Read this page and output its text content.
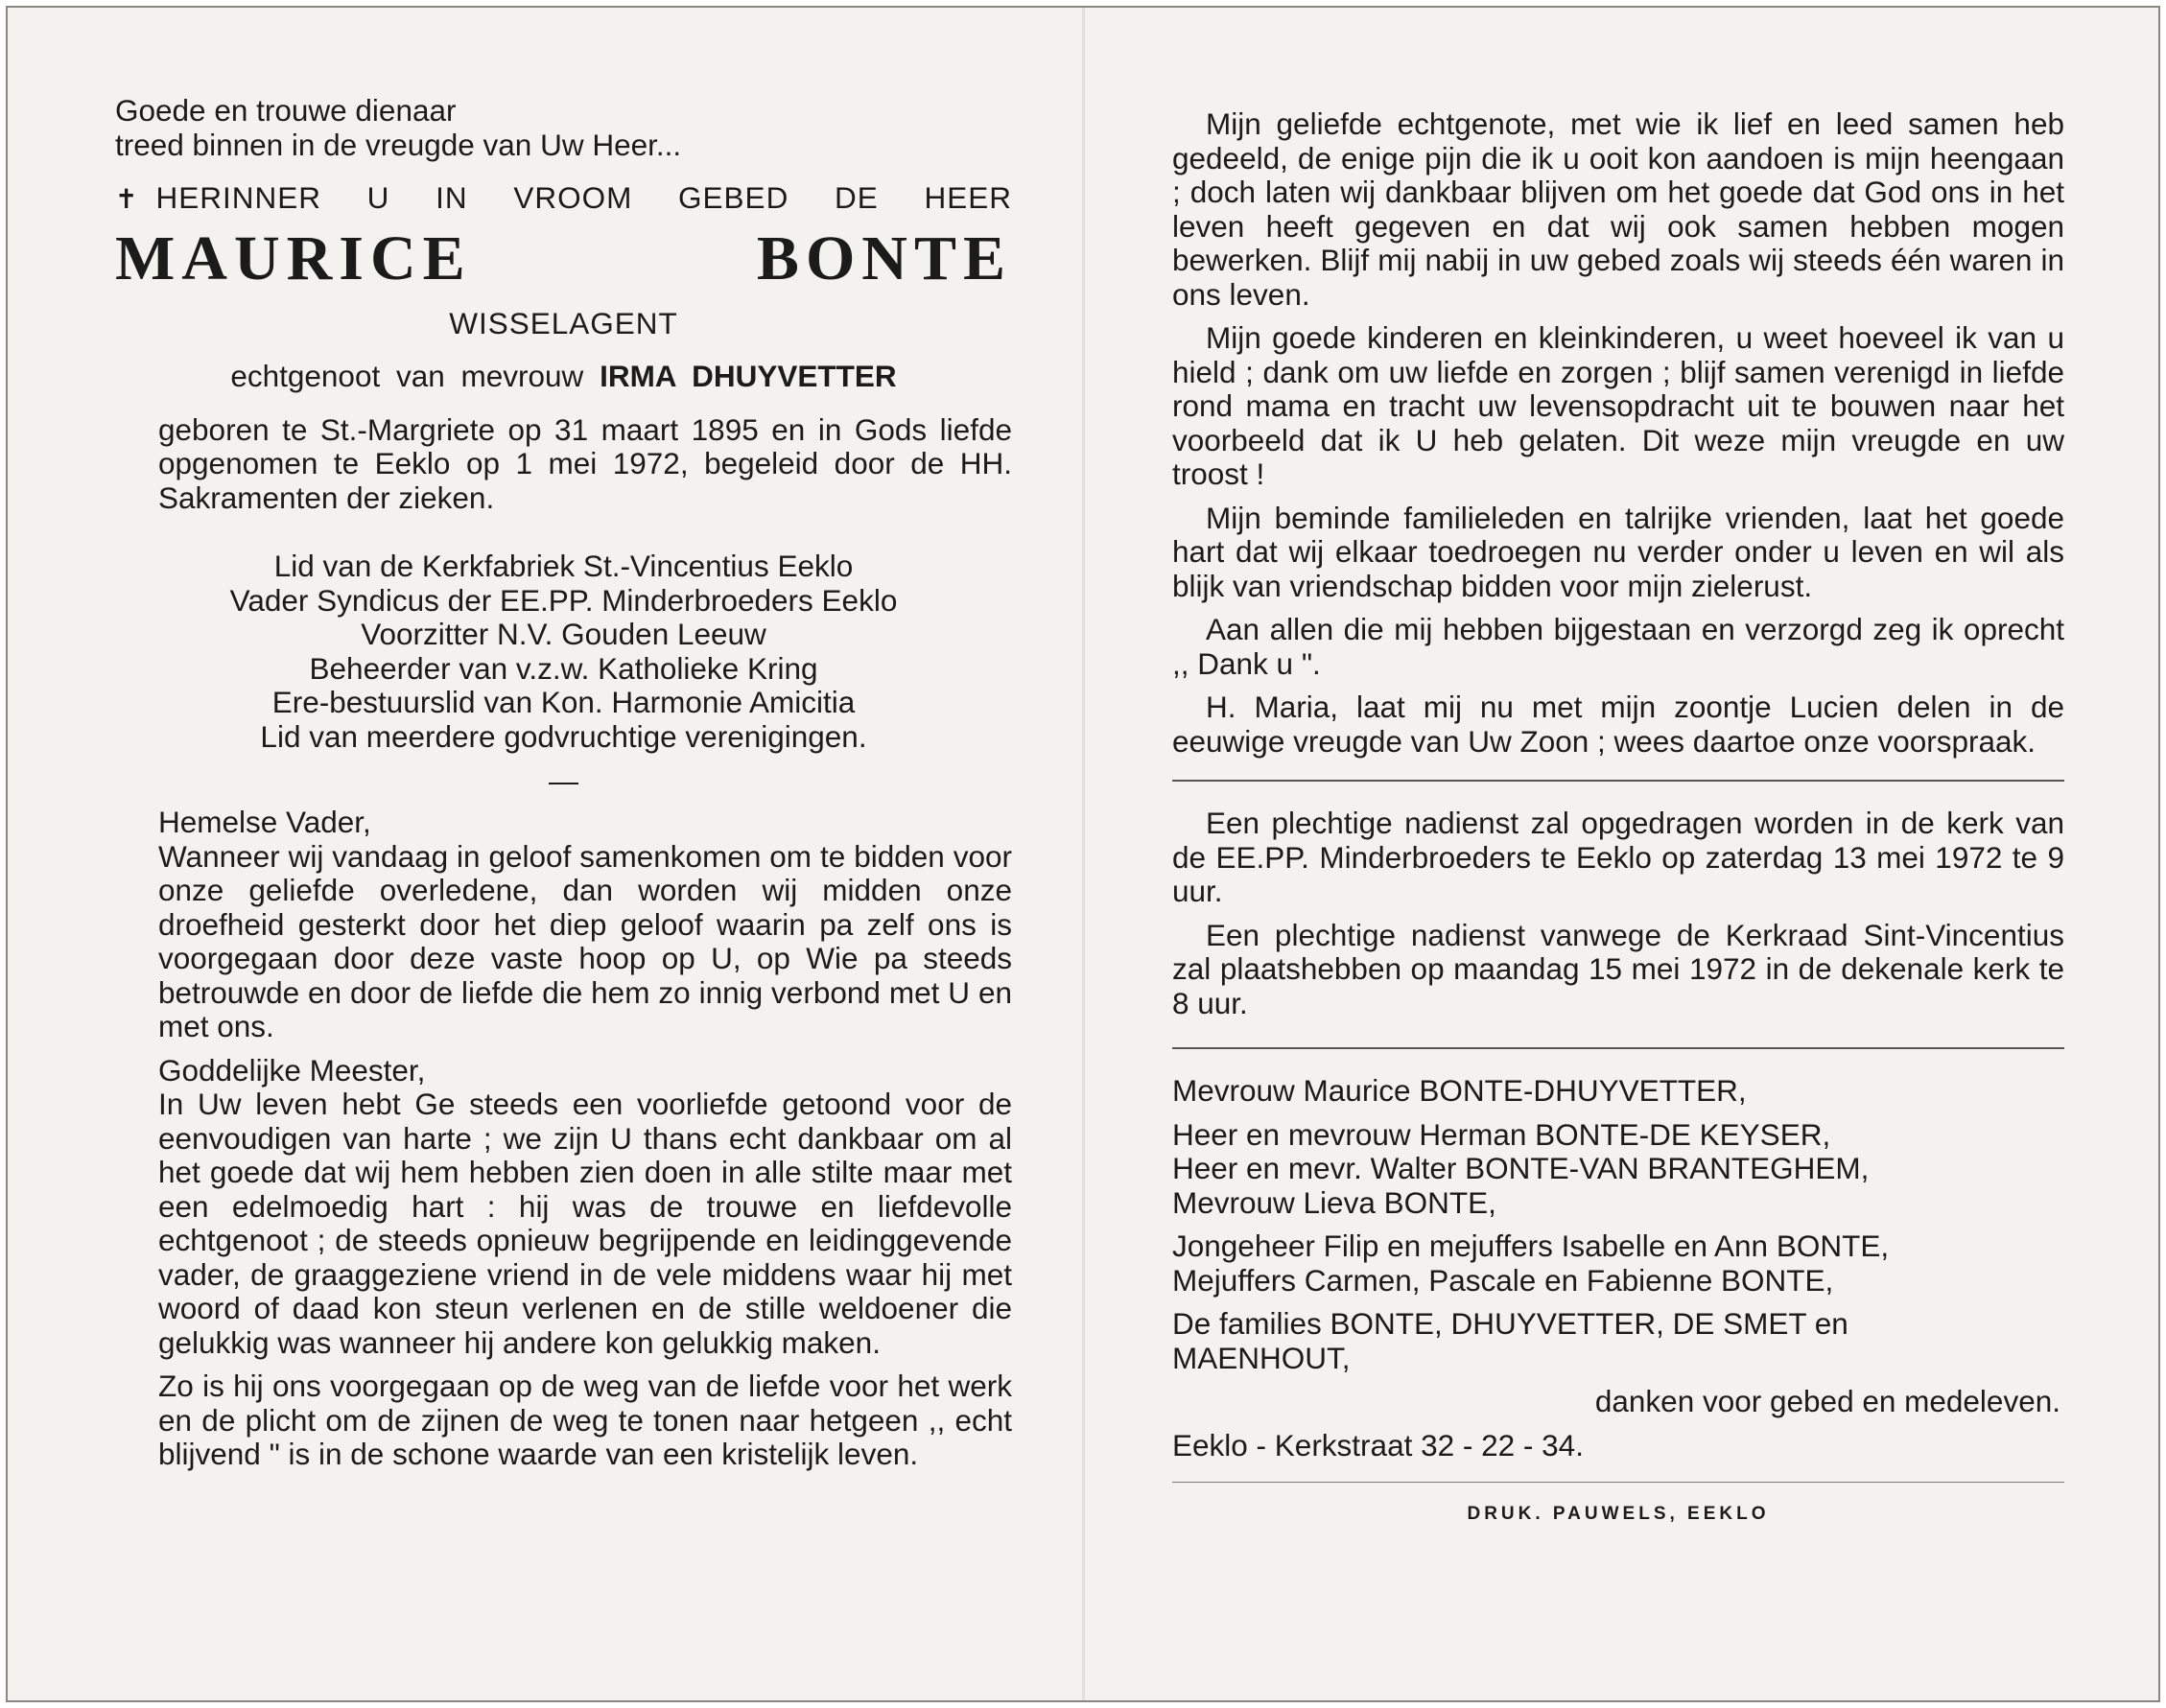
Goede en trouwe dienaar

treed binnen in de vreugde van Uw Heer...

✝ HERINNER U IN VROOM GEBED DE HEER

MAURICE BONTE

WISSELAGENT

echtgenoot van mevrouw IRMA DHUYVETTER

geboren te St.-Margriete op 31 maart 1895 en in Gods liefde opgenomen te Eeklo op 1 mei 1972, begeleid door de HH. Sakramenten der zieken.

Lid van de Kerkfabriek St.-Vincentius Eeklo

Vader Syndicus der EE.PP. Minderbroeders Eeklo

Voorzitter N.V. Gouden Leeuw

Beheerder van v.z.w. Katholieke Kring

Ere-bestuurslid van Kon. Harmonie Amicitia

Lid van meerdere godvruchtige verenigingen.

—

Hemelse Vader,

Wanneer wij vandaag in geloof samenkomen om te bidden voor onze geliefde overledene, dan worden wij midden onze droefheid gesterkt door het diep geloof waarin pa zelf ons is voorgegaan door deze vaste hoop op U, op Wie pa steeds betrouwde en door de liefde die hem zo innig verbond met U en met ons.

Goddelijke Meester,

In Uw leven hebt Ge steeds een voorliefde getoond voor de eenvoudigen van harte ; we zijn U thans echt dankbaar om al het goede dat wij hem hebben zien doen in alle stilte maar met een edelmoedig hart : hij was de trouwe en liefdevolle echtgenoot ; de steeds opnieuw begrijpende en leidinggevende vader, de graaggeziene vriend in de vele middens waar hij met woord of daad kon steun verlenen en de stille weldoener die gelukkig was wanneer hij andere kon gelukkig maken.

Zo is hij ons voorgegaan op de weg van de liefde voor het werk en de plicht om de zijnen de weg te tonen naar hetgeen ,, echt blijvend " is in de schone waarde van een kristelijk leven.

Mijn geliefde echtgenote, met wie ik lief en leed samen heb gedeeld, de enige pijn die ik u ooit kon aandoen is mijn heengaan ; doch laten wij dankbaar blijven om het goede dat God ons in het leven heeft gegeven en dat wij ook samen hebben mogen bewerken. Blijf mij nabij in uw gebed zoals wij steeds één waren in ons leven.

Mijn goede kinderen en kleinkinderen, u weet hoeveel ik van u hield ; dank om uw liefde en zorgen ; blijf samen verenigd in liefde rond mama en tracht uw levensopdracht uit te bouwen naar het voorbeeld dat ik U heb gelaten. Dit weze mijn vreugde en uw troost !

Mijn beminde familieleden en talrijke vrienden, laat het goede hart dat wij elkaar toedroegen nu verder onder u leven en wil als blijk van vriendschap bidden voor mijn zielerust.

Aan allen die mij hebben bijgestaan en verzorgd zeg ik oprecht ,, Dank u ".

H. Maria, laat mij nu met mijn zoontje Lucien delen in de eeuwige vreugde van Uw Zoon ; wees daartoe onze voorspraak.

Een plechtige nadienst zal opgedragen worden in de kerk van de EE.PP. Minderbroeders te Eeklo op zaterdag 13 mei 1972 te 9 uur.

Een plechtige nadienst vanwege de Kerkraad Sint-Vincentius zal plaatshebben op maandag 15 mei 1972 in de dekenale kerk te 8 uur.

Mevrouw Maurice BONTE-DHUYVETTER,

Heer en mevrouw Herman BONTE-DE KEYSER,

Heer en mevr. Walter BONTE-VAN BRANTEGHEM,

Mevrouw Lieva BONTE,

Jongeheer Filip en mejuffers Isabelle en Ann BONTE,

Mejuffers Carmen, Pascale en Fabienne BONTE,

De families BONTE, DHUYVETTER, DE SMET en

MAENHOUT,

danken voor gebed en medeleven.

Eeklo - Kerkstraat 32 - 22 - 34.

DRUK. PAUWELS, EEKLO
